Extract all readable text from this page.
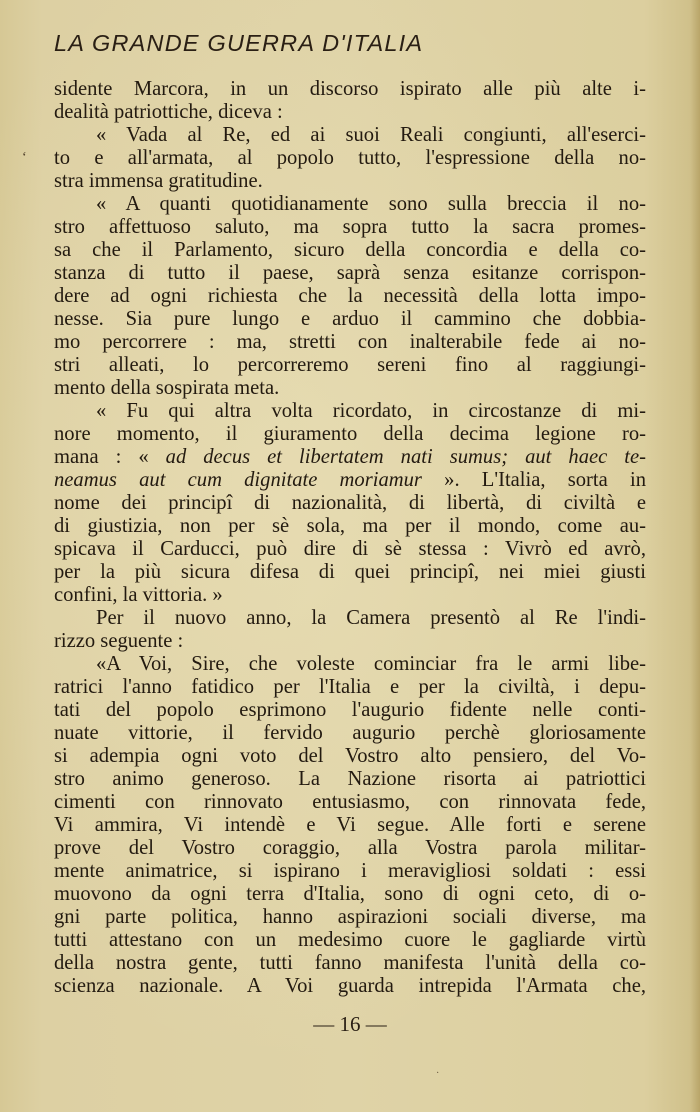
LA GRANDE GUERRA D'ITALIA
ʻ
sidente Marcora, in un discorso ispirato alle più alte i-
dealità patriottiche, diceva :
« Vada al Re, ed ai suoi Reali congiunti, all'eserci-
to e all'armata, al popolo tutto, l'espressione della no-
stra immensa gratitudine.
« A quanti quotidianamente sono sulla breccia il no-
stro affettuoso saluto, ma sopra tutto la sacra promes-
sa che il Parlamento, sicuro della concordia e della co-
stanza di tutto il paese, saprà senza esitanze corrispon-
dere ad ogni richiesta che la necessità della lotta impo-
nesse. Sia pure lungo e arduo il cammino che dobbia-
mo percorrere : ma, stretti con inalterabile fede ai no-
stri alleati, lo percorreremo sereni fino al raggiungi-
mento della sospirata meta.
« Fu qui altra volta ricordato, in circostanze di mi-
nore momento, il giuramento della decima legione ro-
mana : « ad decus et libertatem nati sumus; aut haec te-
neamus aut cum dignitate moriamur ». L'Italia, sorta in
nome dei principî di nazionalità, di libertà, di civiltà e
di giustizia, non per sè sola, ma per il mondo, come au-
spicava il Carducci, può dire di sè stessa : Vivrò ed avrò,
per la più sicura difesa di quei principî, nei miei giusti
confini, la vittoria. »
Per il nuovo anno, la Camera presentò al Re l'indi-
rizzo seguente :
«A Voi, Sire, che voleste cominciar fra le armi libe-
ratrici l'anno fatidico per l'Italia e per la civiltà, i depu-
tati del popolo esprimono l'augurio fidente nelle conti-
nuate vittorie, il fervido augurio perchè gloriosamente
si adempia ogni voto del Vostro alto pensiero, del Vo-
stro animo generoso. La Nazione risorta ai patriottici
cimenti con rinnovato entusiasmo, con rinnovata fede,
Vi ammira, Vi intendè e Vi segue. Alle forti e serene
prove del Vostro coraggio, alla Vostra parola militar-
mente animatrice, si ispirano i meravigliosi soldati : essi
muovono da ogni terra d'Italia, sono di ogni ceto, di o-
gni parte politica, hanno aspirazioni sociali diverse, ma
tutti attestano con un medesimo cuore le gagliarde virtù
della nostra gente, tutti fanno manifesta l'unità della co-
scienza nazionale. A Voi guarda intrepida l'Armata che,
— 16 —
·
